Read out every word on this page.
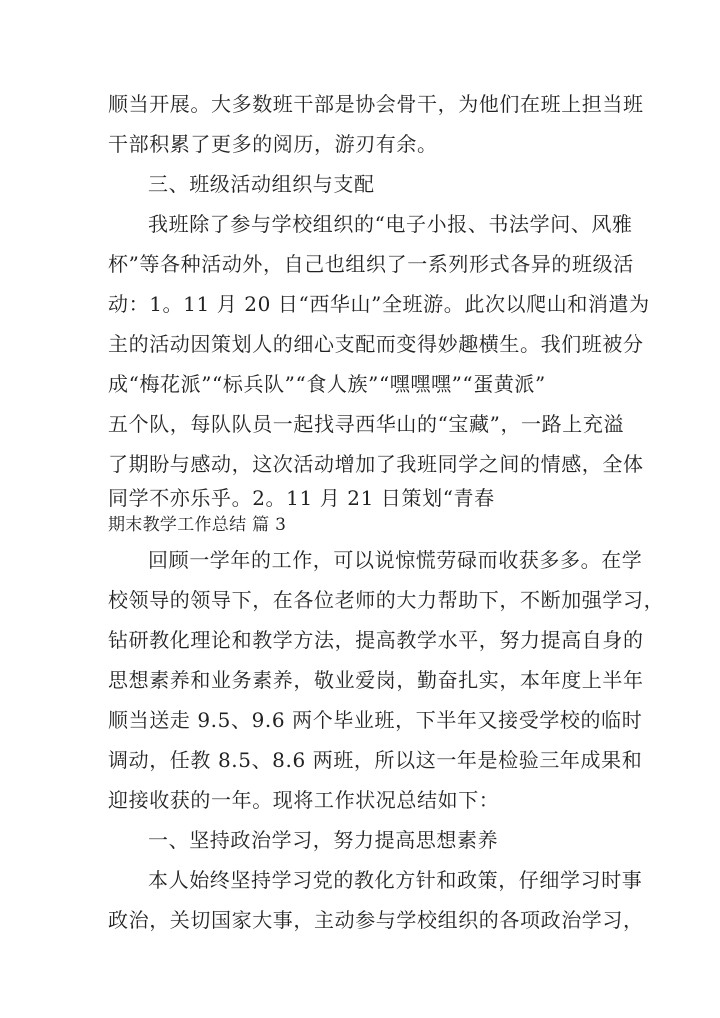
顺当开展。大多数班干部是协会骨干，为他们在班上担当班
干部积累了更多的阅历，游刃有余。
三、班级活动组织与支配
我班除了参与学校组织的“电子小报、书法学问、风雅
杯”等各种活动外，自己也组织了一系列形式各异的班级活
动：1。11 月 20 日“西华山”全班游。此次以爬山和消遣为
主的活动因策划人的细心支配而变得妙趣横生。我们班被分
成“梅花派”“标兵队”“食人族”“嘿嘿嘿”“蛋黄派”
五个队，每队队员一起找寻西华山的“宝藏”，一路上充溢
了期盼与感动，这次活动增加了我班同学之间的情感，全体
同学不亦乐乎。2。11 月 21 日策划“青春
期末教学工作总结 篇 3
回顾一学年的工作，可以说惊慌劳碌而收获多多。在学
校领导的领导下，在各位老师的大力帮助下，不断加强学习，
钻研教化理论和教学方法，提高教学水平，努力提高自身的
思想素养和业务素养，敬业爱岗，勤奋扎实，本年度上半年
顺当送走 9.5、9.6 两个毕业班，下半年又接受学校的临时
调动，任教 8.5、8.6 两班，所以这一年是检验三年成果和
迎接收获的一年。现将工作状况总结如下：
一、坚持政治学习，努力提高思想素养
本人始终坚持学习党的教化方针和政策，仔细学习时事
政治，关切国家大事，主动参与学校组织的各项政治学习，
